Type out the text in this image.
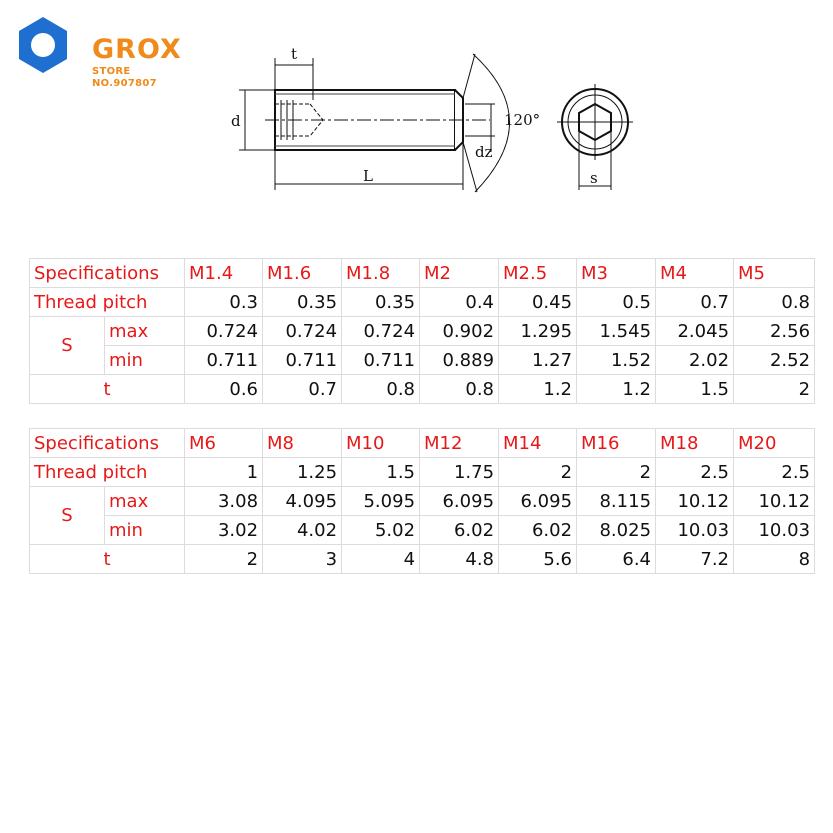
GROX
STORE NO.907807
t
d
L
120°
dz
s
Specifications		M1.4	M1.6	M1.8	M2	M2.5	M3	M4	M5
Thread pitch		0.3	0.35	0.35	0.4	0.45	0.5	0.7	0.8
S	max	0.724	0.724	0.724	0.902	1.295	1.545	2.045	2.56
	min	0.711	0.711	0.711	0.889	1.27	1.52	2.02	2.52
t		0.6	0.7	0.8	0.8	1.2	1.2	1.5	2
Specifications		M6	M8	M10	M12	M14	M16	M18	M20
Thread pitch		1	1.25	1.5	1.75	2	2	2.5	2.5
S	max	3.08	4.095	5.095	6.095	6.095	8.115	10.12	10.12
	min	3.02	4.02	5.02	6.02	6.02	8.025	10.03	10.03
t		2	3	4	4.8	5.6	6.4	7.2	8
